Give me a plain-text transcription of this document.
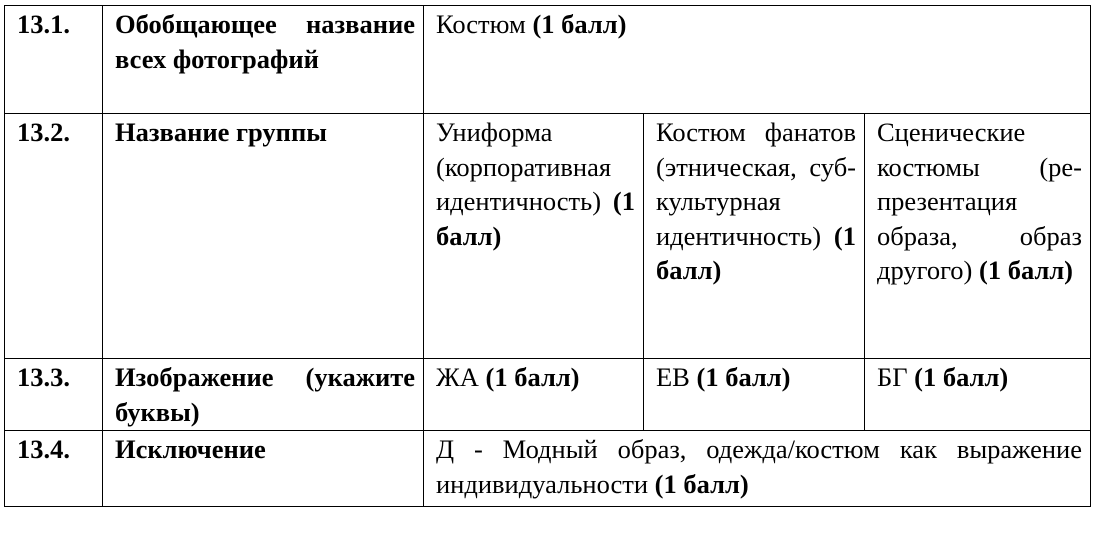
13.1.	Обобщающее название всех фотографий	Костюм (1 балл)		
13.2.	Название группы	Униформа (корпоративная идентичность) (1 балл)	Костюм фанатов (этническая, субкультурная идентичность) (1 балл)	Сценические костюмы (репрезентация образа, образ другого) (1 балл)
13.3.	Изображение (укажите буквы)	ЖА (1 балл)	ЕВ (1 балл)	БГ (1 балл)
13.4.	Исключение	Д - Модный образ, одежда/костюм как выражение индивидуальности (1 балл)		
